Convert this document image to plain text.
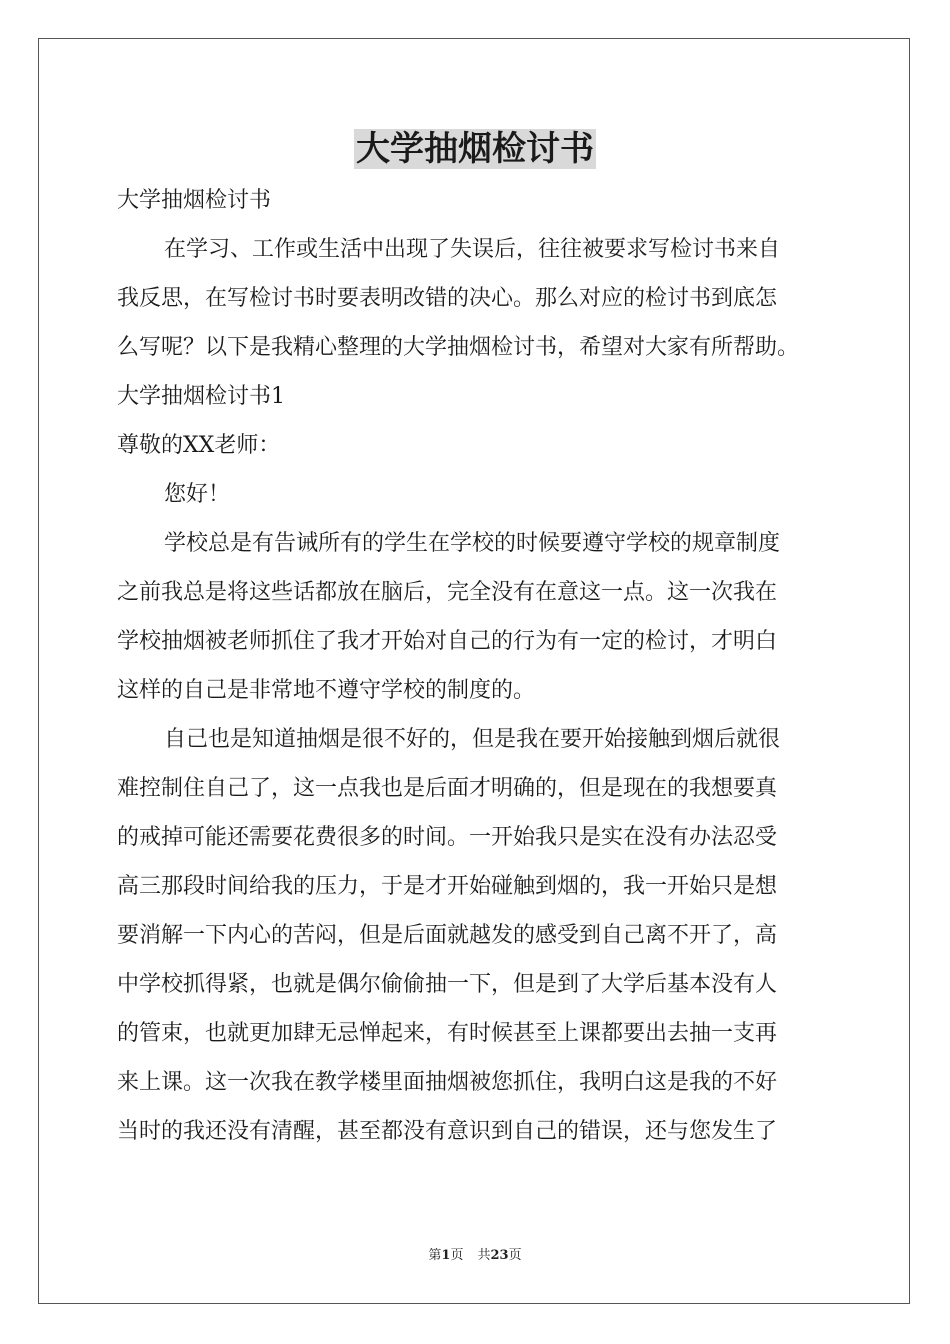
大学抽烟检讨书

大学抽烟检讨书

在学习、工作或生活中出现了失误后，往往被要求写检讨书来自

我反思，在写检讨书时要表明改错的决心。那么对应的检讨书到底怎

么写呢？以下是我精心整理的大学抽烟检讨书，希望对大家有所帮助。

大学抽烟检讨书1

尊敬的XX老师：

您好！

学校总是有告诫所有的学生在学校的时候要遵守学校的规章制度

之前我总是将这些话都放在脑后，完全没有在意这一点。这一次我在

学校抽烟被老师抓住了我才开始对自己的行为有一定的检讨，才明白

这样的自己是非常地不遵守学校的制度的。

自己也是知道抽烟是很不好的，但是我在要开始接触到烟后就很

难控制住自己了，这一点我也是后面才明确的，但是现在的我想要真

的戒掉可能还需要花费很多的时间。一开始我只是实在没有办法忍受

高三那段时间给我的压力，于是才开始碰触到烟的，我一开始只是想

要消解一下内心的苦闷，但是后面就越发的感受到自己离不开了，高

中学校抓得紧，也就是偶尔偷偷抽一下，但是到了大学后基本没有人

的管束，也就更加肆无忌惮起来，有时候甚至上课都要出去抽一支再

来上课。这一次我在教学楼里面抽烟被您抓住，我明白这是我的不好

当时的我还没有清醒，甚至都没有意识到自己的错误，还与您发生了

第1页 共23页
